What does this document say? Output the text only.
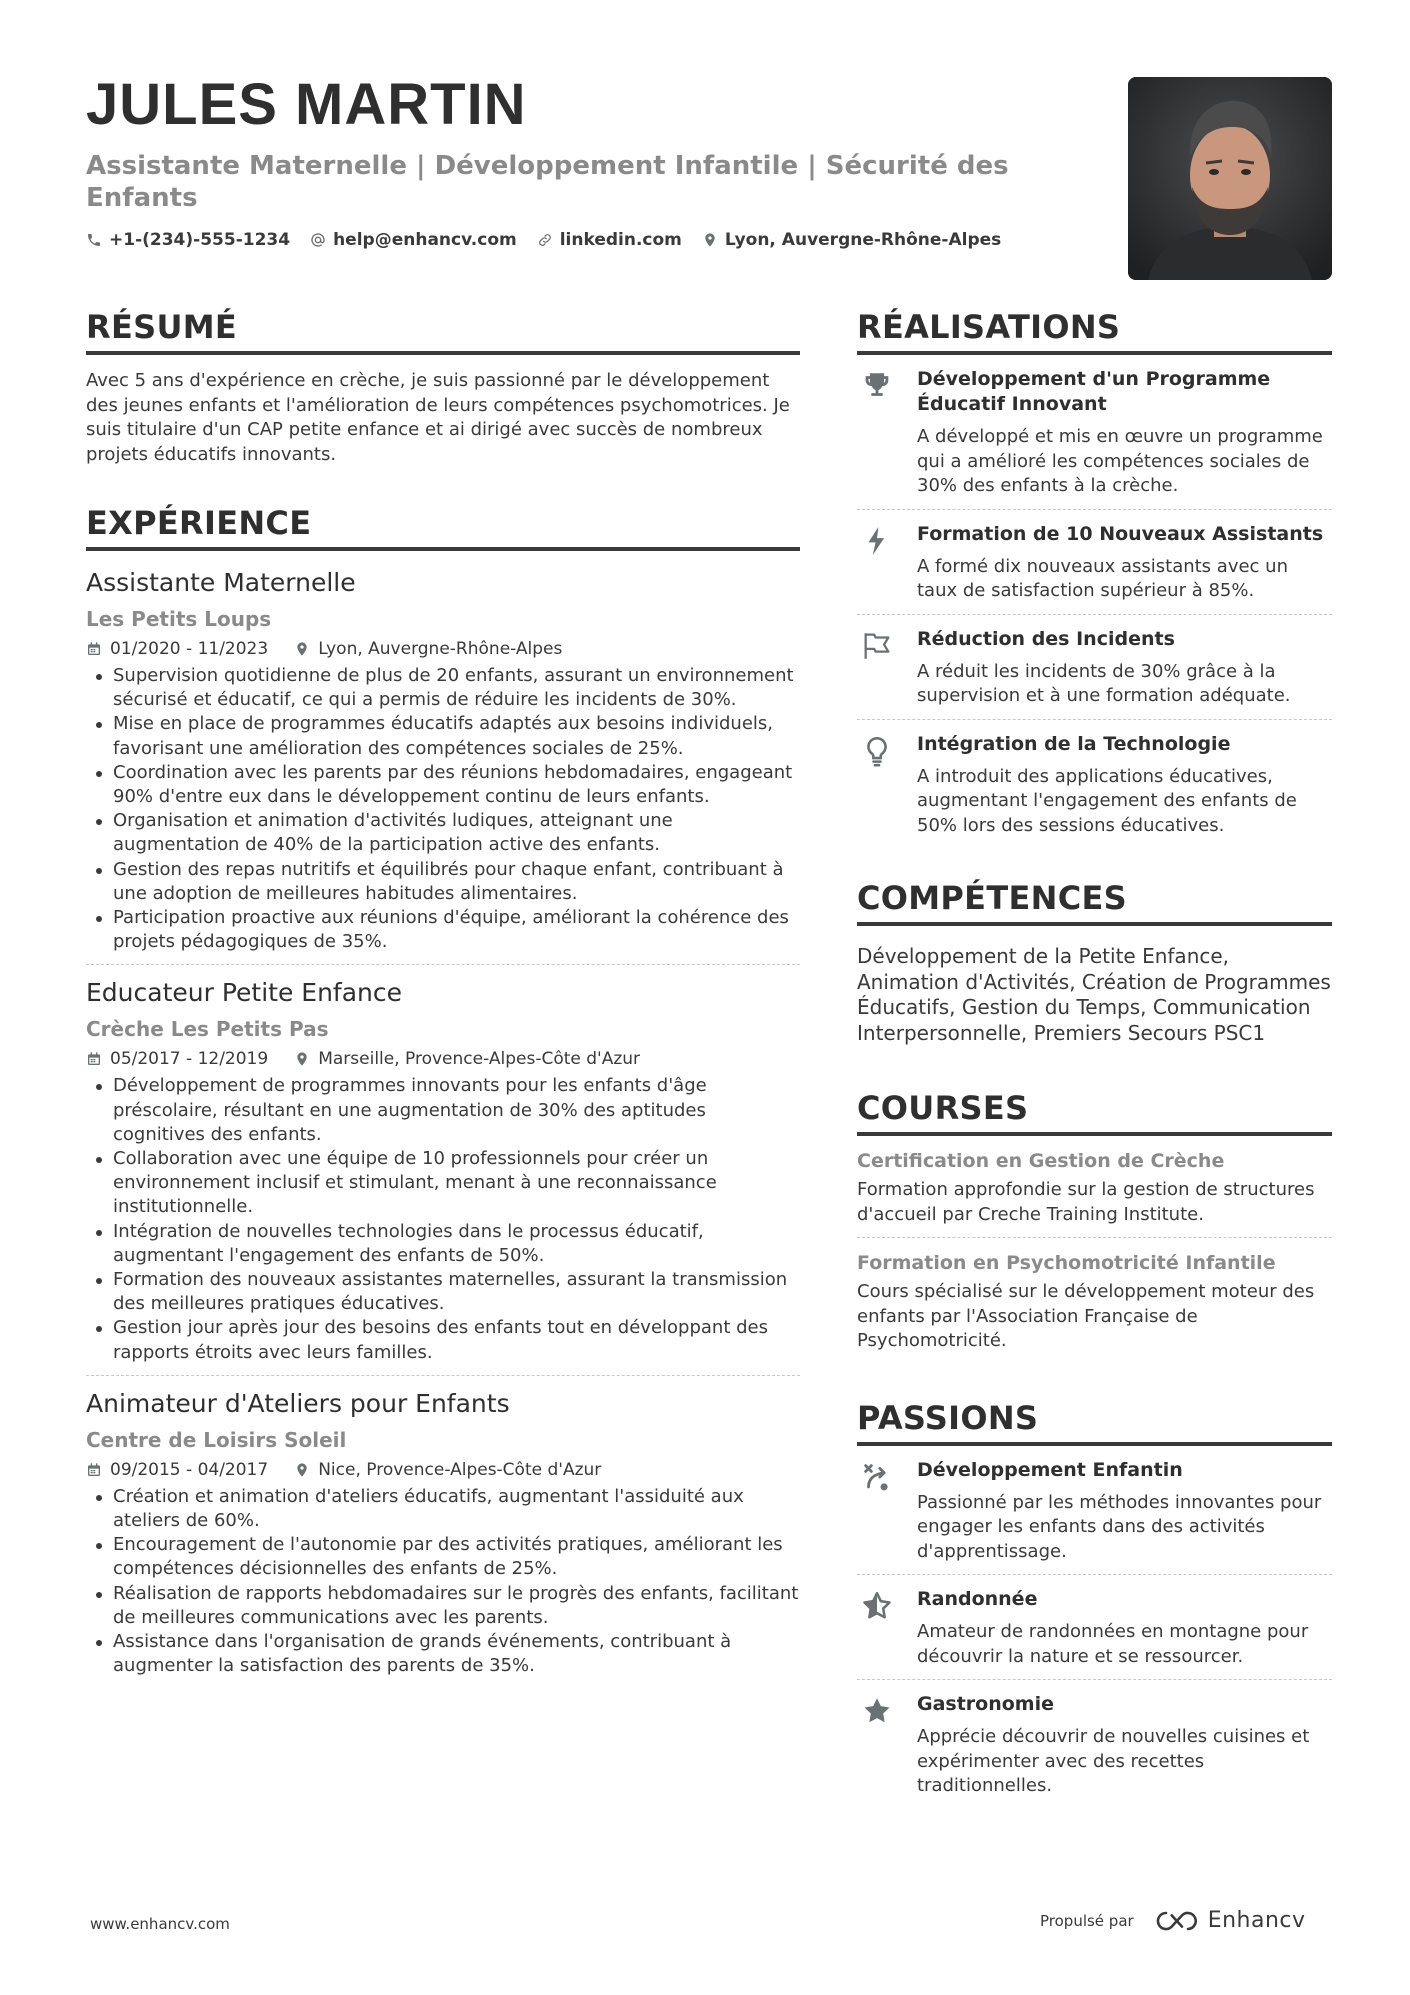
JULES MARTIN
Assistante Maternelle | Développement Infantile | Sécurité des Enfants
+1-(234)-555-1234	help@enhancv.com	linkedin.com	Lyon, Auvergne-Rhône-Alpes
RÉSUMÉ
Avec 5 ans d'expérience en crèche, je suis passionné par le développement des jeunes enfants et l'amélioration de leurs compétences psychomotrices. Je suis titulaire d'un CAP petite enfance et ai dirigé avec succès de nombreux projets éducatifs innovants.
EXPÉRIENCE
Assistante Maternelle
Les Petits Loups
01/2020 - 11/2023	Lyon, Auvergne-Rhône-Alpes
Supervision quotidienne de plus de 20 enfants, assurant un environnement sécurisé et éducatif, ce qui a permis de réduire les incidents de 30%.
Mise en place de programmes éducatifs adaptés aux besoins individuels, favorisant une amélioration des compétences sociales de 25%.
Coordination avec les parents par des réunions hebdomadaires, engageant 90% d'entre eux dans le développement continu de leurs enfants.
Organisation et animation d'activités ludiques, atteignant une augmentation de 40% de la participation active des enfants.
Gestion des repas nutritifs et équilibrés pour chaque enfant, contribuant à une adoption de meilleures habitudes alimentaires.
Participation proactive aux réunions d'équipe, améliorant la cohérence des projets pédagogiques de 35%.
Educateur Petite Enfance
Crèche Les Petits Pas
05/2017 - 12/2019	Marseille, Provence-Alpes-Côte d'Azur
Développement de programmes innovants pour les enfants d'âge préscolaire, résultant en une augmentation de 30% des aptitudes cognitives des enfants.
Collaboration avec une équipe de 10 professionnels pour créer un environnement inclusif et stimulant, menant à une reconnaissance institutionnelle.
Intégration de nouvelles technologies dans le processus éducatif, augmentant l'engagement des enfants de 50%.
Formation des nouveaux assistantes maternelles, assurant la transmission des meilleures pratiques éducatives.
Gestion jour après jour des besoins des enfants tout en développant des rapports étroits avec leurs familles.
Animateur d'Ateliers pour Enfants
Centre de Loisirs Soleil
09/2015 - 04/2017	Nice, Provence-Alpes-Côte d'Azur
Création et animation d'ateliers éducatifs, augmentant l'assiduité aux ateliers de 60%.
Encouragement de l'autonomie par des activités pratiques, améliorant les compétences décisionnelles des enfants de 25%.
Réalisation de rapports hebdomadaires sur le progrès des enfants, facilitant de meilleures communications avec les parents.
Assistance dans l'organisation de grands événements, contribuant à augmenter la satisfaction des parents de 35%.
RÉALISATIONS
Développement d'un Programme Éducatif Innovant
A développé et mis en œuvre un programme qui a amélioré les compétences sociales de 30% des enfants à la crèche.
Formation de 10 Nouveaux Assistants
A formé dix nouveaux assistants avec un taux de satisfaction supérieur à 85%.
Réduction des Incidents
A réduit les incidents de 30% grâce à la supervision et à une formation adéquate.
Intégration de la Technologie
A introduit des applications éducatives, augmentant l'engagement des enfants de 50% lors des sessions éducatives.
COMPÉTENCES
Développement de la Petite Enfance, Animation d'Activités, Création de Programmes Éducatifs, Gestion du Temps, Communication Interpersonnelle, Premiers Secours PSC1
COURSES
Certification en Gestion de Crèche
Formation approfondie sur la gestion de structures d'accueil par Creche Training Institute.
Formation en Psychomotricité Infantile
Cours spécialisé sur le développement moteur des enfants par l'Association Française de Psychomotricité.
PASSIONS
Développement Enfantin
Passionné par les méthodes innovantes pour engager les enfants dans des activités d'apprentissage.
Randonnée
Amateur de randonnées en montagne pour découvrir la nature et se ressourcer.
Gastronomie
Apprécie découvrir de nouvelles cuisines et expérimenter avec des recettes traditionnelles.
www.enhancv.com	Propulsé par	Enhancv
